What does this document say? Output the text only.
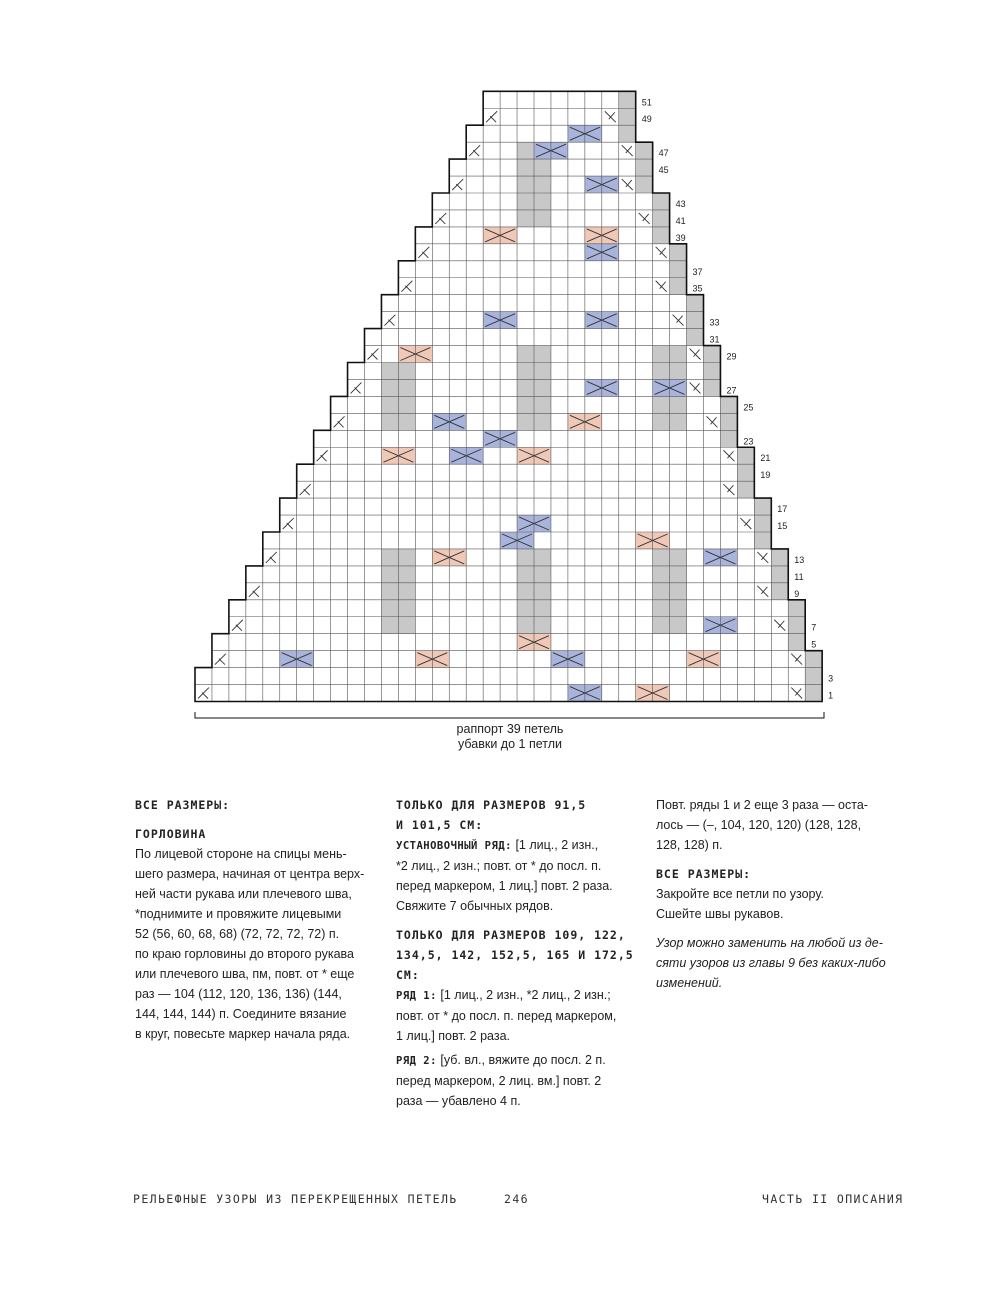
1
3
5
7
9
11
13
15
17
19
21
23
25
27
29
31
33
35
37
39
41
43
45
47
49
51
раппорт 39 петель
убавки до 1 петли

ВСЕ РАЗМЕРЫ:

ГОРЛОВИНА

По лицевой стороне на спицы мень-

шего размера, начиная от центра верх-

ней части рукава или плечевого шва,

*поднимите и провяжите лицевыми

52 (56, 60, 68, 68) (72, 72, 72, 72) п.

по краю горловины до второго рукава

или плечевого шва, пм, повт. от * еще

раз — 104 (112, 120, 136, 136) (144,

144, 144, 144) п. Соедините вязание

в круг, повесьте маркер начала ряда.

ТОЛЬКО ДЛЯ РАЗМЕРОВ 91,5

И 101,5 СМ:

УСТАНОВОЧНЫЙ РЯД: [1 лиц., 2 изн.,

*2 лиц., 2 изн.; повт. от * до посл. п.

перед маркером, 1 лиц.] повт. 2 раза.

Свяжите 7 обычных рядов.

ТОЛЬКО ДЛЯ РАЗМЕРОВ 109, 122,

134,5, 142, 152,5, 165 И 172,5 СМ:

РЯД 1: [1 лиц., 2 изн., *2 лиц., 2 изн.;

повт. от * до посл. п. перед маркером,

1 лиц.] повт. 2 раза.

РЯД 2: [уб. вл., вяжите до посл. 2 п.

перед маркером, 2 лиц. вм.] повт. 2

раза — убавлено 4 п.

Повт. ряды 1 и 2 еще 3 раза — оста-

лось — (–, 104, 120, 120) (128, 128,

128, 128) п.

ВСЕ РАЗМЕРЫ:

Закройте все петли по узору.

Сшейте швы рукавов.

Узор можно заменить на любой из де-

сяти узоров из главы 9 без каких-либо

изменений.

РЕЛЬЕФНЫЕ УЗОРЫ ИЗ ПЕРЕКРЕЩЕННЫХ ПЕТЕЛЬ	246	ЧАСТЬ II ОПИСАНИЯ
